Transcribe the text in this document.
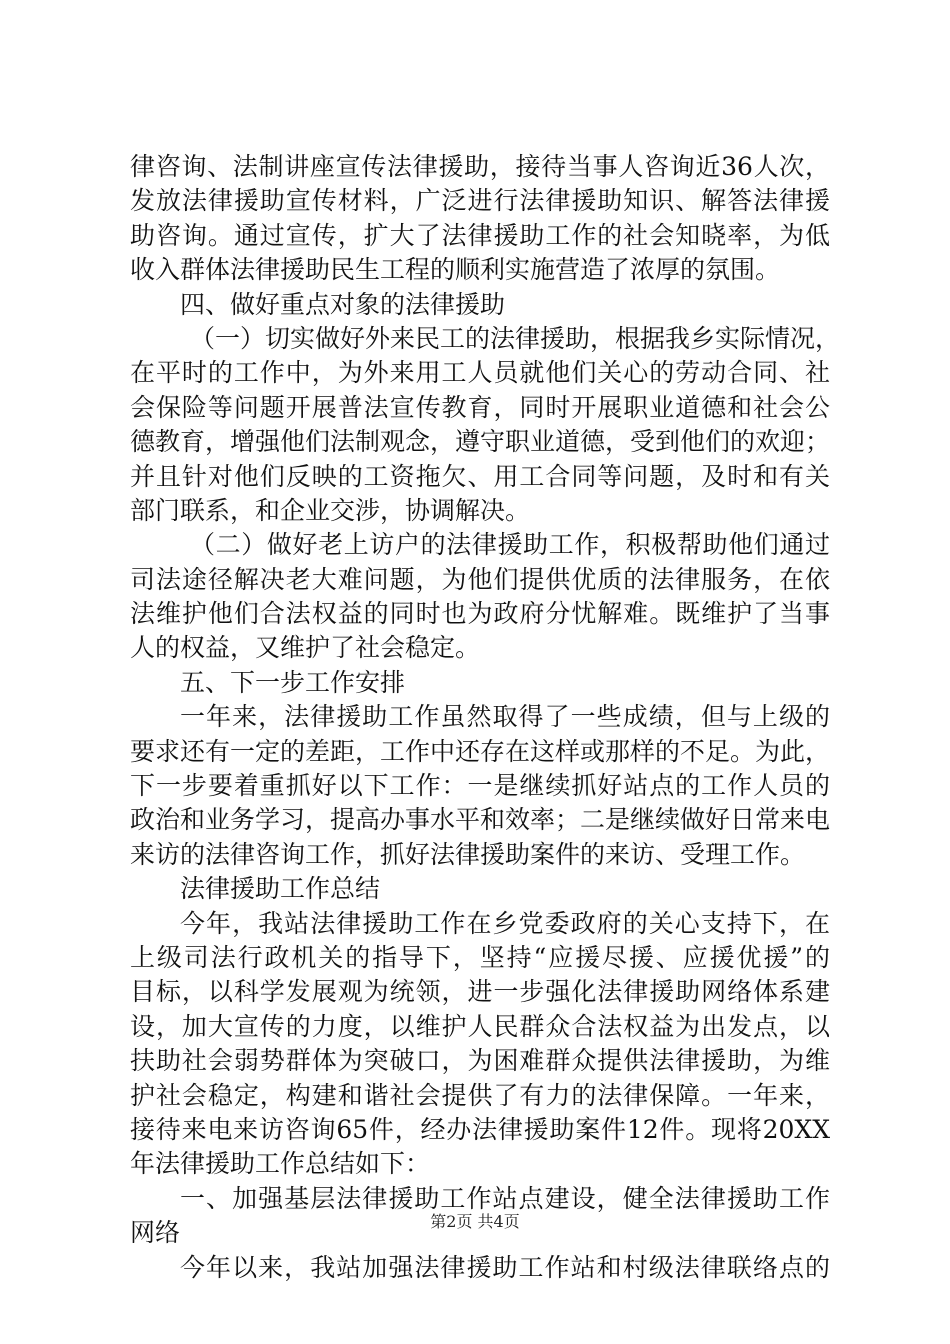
律咨询、法制讲座宣传法律援助，接待当事人咨询近36人次，
发放法律援助宣传材料，广泛进行法律援助知识、解答法律援
助咨询。通过宣传，扩大了法律援助工作的社会知晓率，为低
收入群体法律援助民生工程的顺利实施营造了浓厚的氛围。
四、做好重点对象的法律援助
（一）切实做好外来民工的法律援助，根据我乡实际情况，
在平时的工作中，为外来用工人员就他们关心的劳动合同、社
会保险等问题开展普法宣传教育，同时开展职业道德和社会公
德教育，增强他们法制观念，遵守职业道德，受到他们的欢迎；
并且针对他们反映的工资拖欠、用工合同等问题，及时和有关
部门联系，和企业交涉，协调解决。
（二）做好老上访户的法律援助工作，积极帮助他们通过
司法途径解决老大难问题，为他们提供优质的法律服务，在依
法维护他们合法权益的同时也为政府分忧解难。既维护了当事
人的权益，又维护了社会稳定。
五、下一步工作安排
一年来，法律援助工作虽然取得了一些成绩，但与上级的
要求还有一定的差距，工作中还存在这样或那样的不足。为此，
下一步要着重抓好以下工作：一是继续抓好站点的工作人员的
政治和业务学习，提高办事水平和效率；二是继续做好日常来电
来访的法律咨询工作，抓好法律援助案件的来访、受理工作。
法律援助工作总结
今年，我站法律援助工作在乡党委政府的关心支持下，在
上级司法行政机关的指导下，坚持“应援尽援、应援优援”的
目标，以科学发展观为统领，进一步强化法律援助网络体系建
设，加大宣传的力度，以维护人民群众合法权益为出发点，以
扶助社会弱势群体为突破口，为困难群众提供法律援助，为维
护社会稳定，构建和谐社会提供了有力的法律保障。一年来，
接待来电来访咨询65件，经办法律援助案件12件。现将20XX
年法律援助工作总结如下：
一、加强基层法律援助工作站点建设，健全法律援助工作
网络
今年以来，我站加强法律援助工作站和村级法律联络点的
第2页 共4页
